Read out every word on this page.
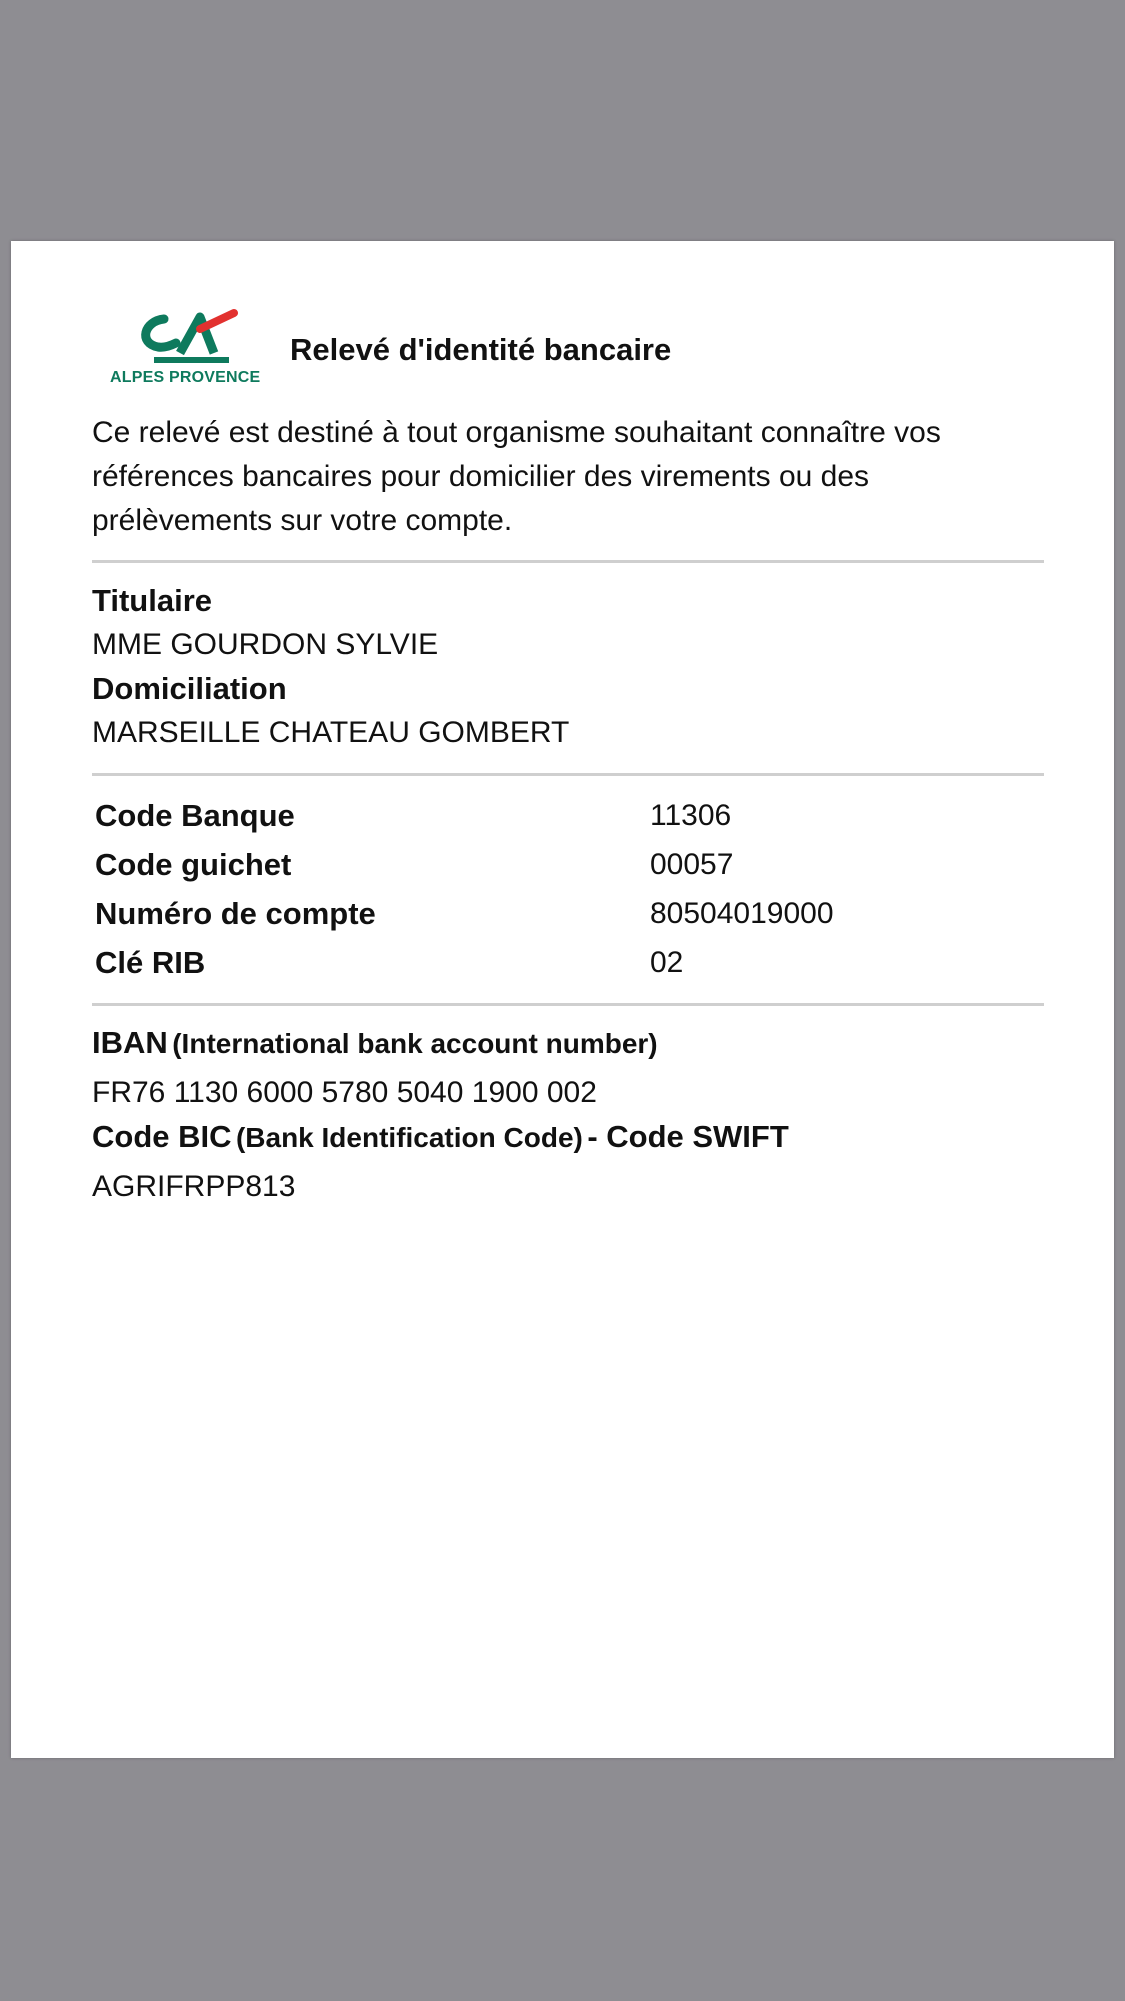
ALPES PROVENCE
Relevé d'identité bancaire
Ce relevé est destiné à tout organisme souhaitant connaître vos références bancaires pour domicilier des virements ou des prélèvements sur votre compte.
Titulaire
MME GOURDON SYLVIE
Domiciliation
MARSEILLE CHATEAU GOMBERT
Code Banque	11306
Code guichet	00057
Numéro de compte	80504019000
Clé RIB	02
IBAN (International bank account number)
FR76 1130 6000 5780 5040 1900 002
Code BIC (Bank Identification Code) - Code SWIFT
AGRIFRPP813
